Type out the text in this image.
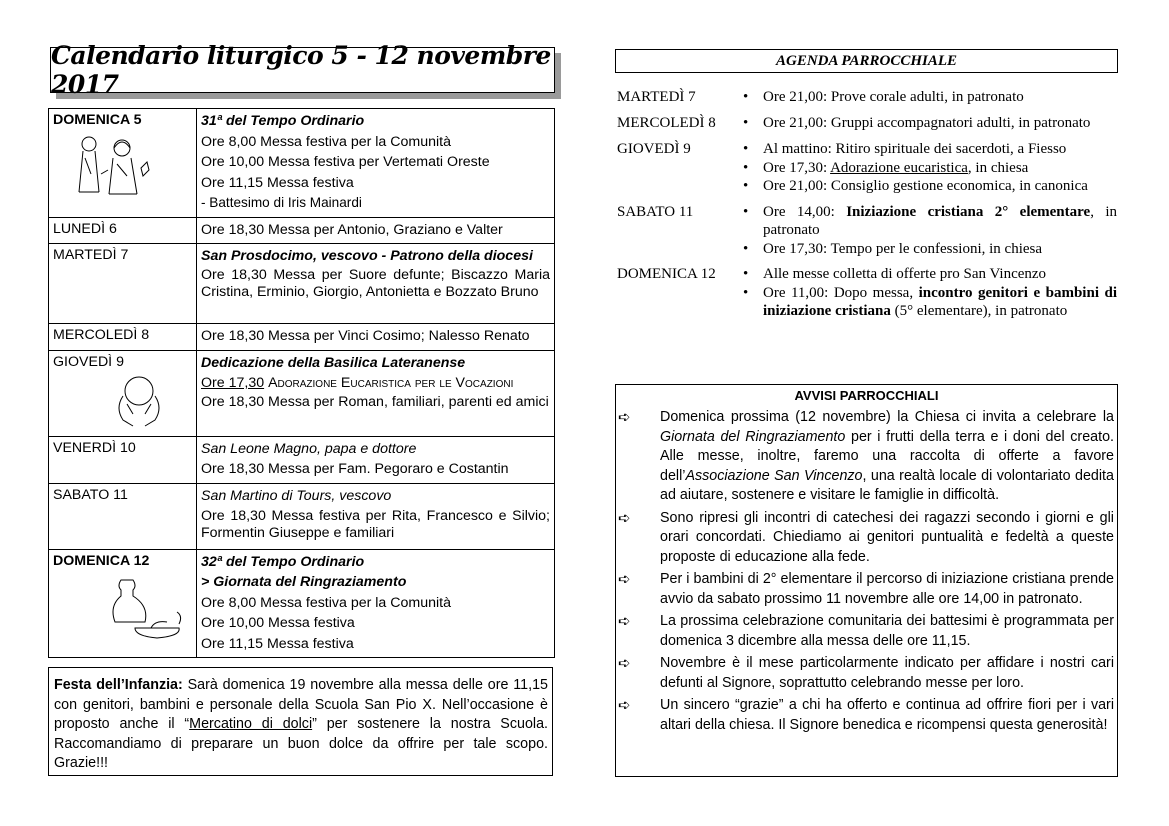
Calendario liturgico 5 - 12 novembre 2017
DOMENICA 5	31ª del Tempo Ordinario
Ore 8,00 Messa festiva per la Comunità
Ore 10,00 Messa festiva per Vertemati Oreste
Ore 11,15 Messa festiva
- Battesimo di Iris Mainardi

LUNEDÌ 6	Ore 18,30 Messa per Antonio, Graziano e Valter

MARTEDÌ 7	San Prosdocimo, vescovo - Patrono della diocesi
Ore 18,30 Messa per Suore defunte; Biscazzo Maria Cristina, Erminio, Giorgio, Antonietta e Bozzato Bruno

MERCOLEDÌ 8	Ore 18,30 Messa per Vinci Cosimo; Nalesso Renato

GIOVEDÌ 9	Dedicazione della Basilica Lateranense
Ore 17,30 Adorazione Eucaristica per le Vocazioni
Ore 18,30 Messa per Roman, familiari, parenti ed amici

VENERDÌ 10	San Leone Magno, papa e dottore
Ore 18,30 Messa per Fam. Pegoraro e Costantin

SABATO 11	San Martino di Tours, vescovo
Ore 18,30 Messa festiva per Rita, Francesco e Silvio; Formentin Giuseppe e familiari

DOMENICA 12	32ª del Tempo Ordinario
> Giornata del Ringraziamento
Ore 8,00 Messa festiva per la Comunità
Ore 10,00 Messa festiva
Ore 11,15 Messa festiva
Festa dell’Infanzia: Sarà domenica 19 novembre alla messa delle ore 11,15 con genitori, bambini e personale della Scuola San Pio X. Nell’occasione è proposto anche il “Mercatino di dolci” per sostenere la nostra Scuola. Raccomandiamo di preparare un buon dolce da offrire per tale scopo. Grazie!!!
AGENDA PARROCCHIALE
MARTEDÌ 7	• Ore 21,00: Prove corale adulti, in patronato
MERCOLEDÌ 8	• Ore 21,00: Gruppi accompagnatori adulti, in patronato
GIOVEDÌ 9	• Al mattino: Ritiro spirituale dei sacerdoti, a Fiesso
• Ore 17,30: Adorazione eucaristica, in chiesa
• Ore 21,00: Consiglio gestione economica, in canonica
SABATO 11	• Ore 14,00: Iniziazione cristiana 2° elementare, in patronato
• Ore 17,30: Tempo per le confessioni, in chiesa
DOMENICA 12	• Alle messe colletta di offerte pro San Vincenzo
• Ore 11,00: Dopo messa, incontro genitori e bambini di iniziazione cristiana (5° elementare), in patronato
AVVISI PARROCCHIALI
➪	Domenica prossima (12 novembre) la Chiesa ci invita a celebrare la Giornata del Ringraziamento per i frutti della terra e i doni del creato. Alle messe, inoltre, faremo una raccolta di offerte a favore dell’Associazione San Vincenzo, una realtà locale di volontariato dedita ad aiutare, sostenere e visitare le famiglie in difficoltà.
➪	Sono ripresi gli incontri di catechesi dei ragazzi secondo i giorni e gli orari concordati. Chiediamo ai genitori puntualità e fedeltà a queste proposte di educazione alla fede.
➪	Per i bambini di 2° elementare il percorso di iniziazione cristiana prende avvio da sabato prossimo 11 novembre alle ore 14,00 in patronato.
➪	La prossima celebrazione comunitaria dei battesimi è programmata per domenica 3 dicembre alla messa delle ore 11,15.
➪	Novembre è il mese particolarmente indicato per affidare i nostri cari defunti al Signore, soprattutto celebrando messe per loro.
➪	Un sincero “grazie” a chi ha offerto e continua ad offrire fiori per i vari altari della chiesa. Il Signore benedica e ricompensi questa generosità!
